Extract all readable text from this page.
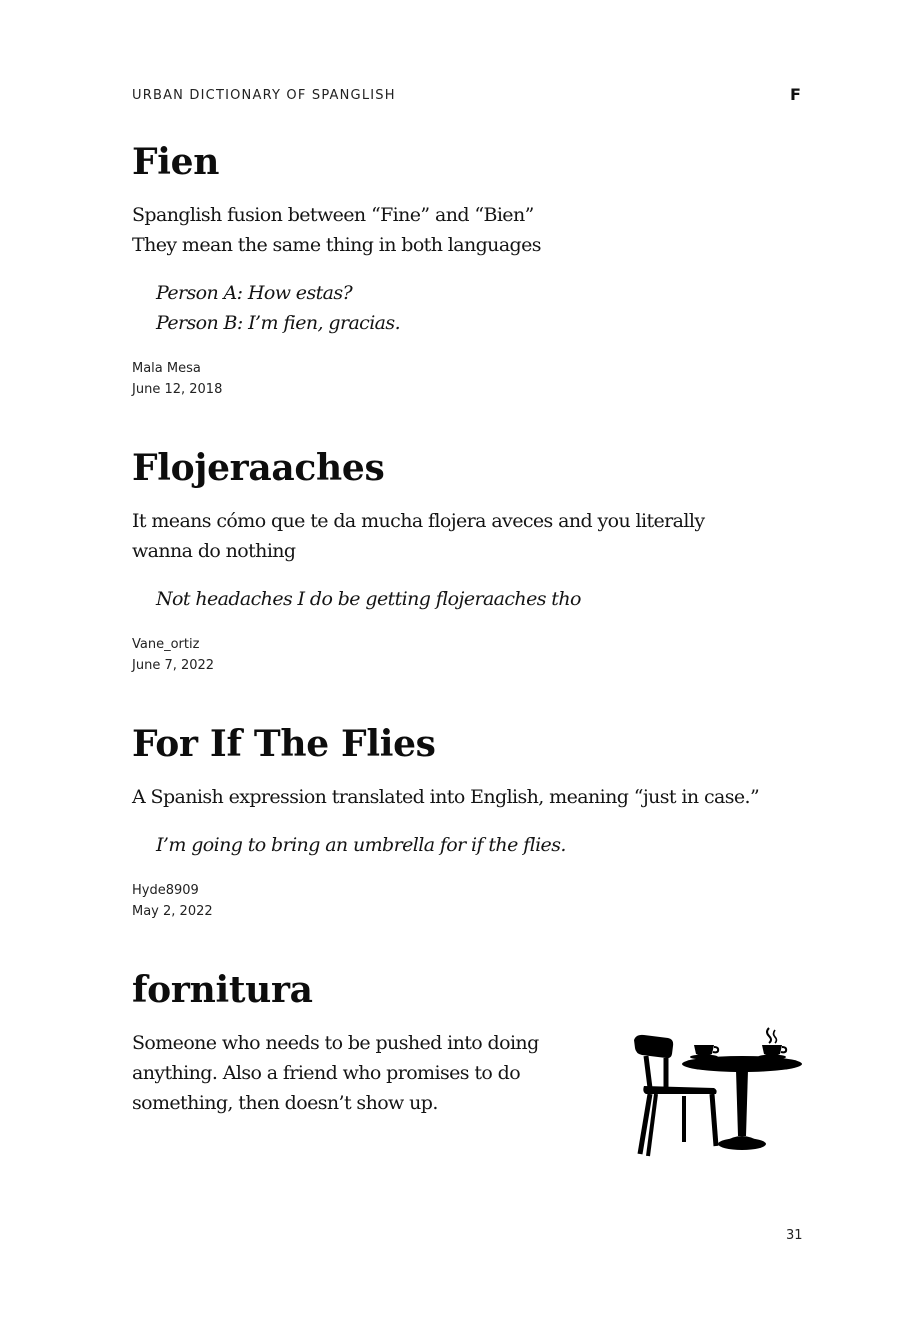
URBAN DICTIONARY OF SPANGLISH	F
Fien
Spanglish fusion between “Fine” and “Bien”
They mean the same thing in both languages
Person A: How estas?
Person B: I’m fien, gracias.
Mala Mesa
June 12, 2018
Flojeraaches
It means cómo que te da mucha flojera aveces and you literally
wanna do nothing
Not headaches I do be getting flojeraaches tho
Vane_ortiz
June 7, 2022
For If The Flies
A Spanish expression translated into English, meaning “just in case.”
I’m going to bring an umbrella for if the flies.
Hyde8909
May 2, 2022
fornitura
Someone who needs to be pushed into doing
anything. Also a friend who promises to do
something, then doesn’t show up.
31
